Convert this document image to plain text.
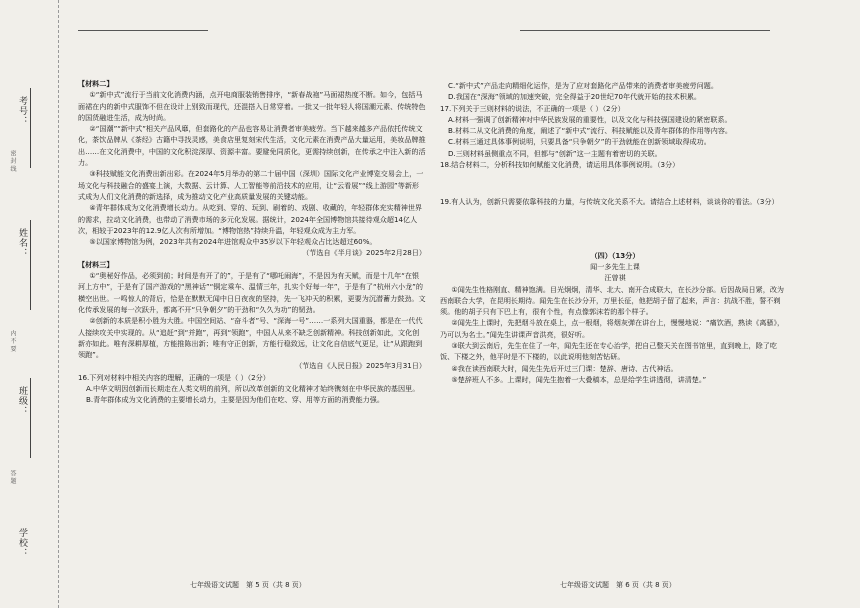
考号：
姓名：
班级：
学校：
密 封 线
内 不 要
答 题

【材料二】

①“新中式”流行于当前文化消费内涵，点开电商服装销售排序，“新春战袍”马面裙热度不断。如今，包括马面裙在内的新中式服饰不但在设计上别致而现代，还混搭入日常穿着。一批又一批年轻人将国潮元素、传统特色的国货融进生活，成为时尚。

②“国潮”“新中式”相关产品风靡，但套路化的产品也容易让消费者审美疲劳。当下越来越多产品依托传统文化，茶饮品牌从《茶经》古籍中寻找灵感，美食店里复刻宋代生活，文化元素在消费产品大量运用，美妆品牌推出……在文化消费中，中国的文化积淀深厚、资源丰富。要避免同质化，更需持续创新，在传承之中注入新的活力。

③科技赋能文化消费出新出彩。在2024年5月举办的第二十届中国（深圳）国际文化产业博览交易会上，一场文化与科技融合的盛宴上演，大数据、云计算、人工智能等前沿技术的应用，让“云看展”“线上游园”等新形式成为人们文化消费的新选择，成为推动文化产业高质量发展的关键动能。

④青年群体成为文化消费增长动力。从吃到、穿的、玩到、刷着的、戏剧、收藏的，年轻群体充实精神世界的需求，拉动文化消费，也带动了消费市场的多元化发展。据统计，2024年全国博物馆共接待观众超14亿人次，相较于2023年的12.9亿人次有所增加。“博物馆热”持续升温，年轻观众成为主力军。

⑤以国家博物馆为例，2023年共有2024年进馆观众中35岁以下年轻观众占比达超过60%。

（节选自《半月谈》2025年2月28日）

【材料三】

①“奥秘好作品，必须到前；时间是有开了的”，于是有了“哪吒闹海”，不是因为有天赋，而是十几年“在银河上方中”，于是有了国产游戏的“黑神话”“铜定乘车、温情三年，扎实个好每一年”，于是有了“杭州六小龙”的横空出世。一鸣惊人的背后，恰是在默默无闻中日日夜夜的坚持，先一飞冲天的积累，更要为沉潜蓄力鼓劲。文化传承发展的每一次跃升，都离不开“只争朝夕”的干劲和“久久为功”的韧劲。

②创新的本质是积小胜为大胜。中国空间站、“奋斗者”号、“深海一号”……一系列大国重器，都是在一代代人接续攻关中实现的。从“追赶”到“并跑”，再到“领跑”，中国人从来不缺乏创新精神。科技创新如此，文化创新亦如此。唯有深耕厚植，方能推陈出新；唯有守正创新，方能行稳致远，让文化自信底气更足，让“从跟跑到领跑”。

（节选自《人民日报》2025年3月31日）

16.下列对材料中相关内容的理解，正确的一项是（ ）（2分）

A.中华文明因创新而长期走在人类文明的前列，所以改革创新的文化精神才始终镌刻在中华民族的基因里。

B.青年群体成为文化消费的主要增长动力，主要是因为他们在吃、穿、用等方面的消费能力强。

七年级语文试题　第 5 页（共 8 页）

C.“新中式”产品走向精细化运作，是为了应对套路化产品带来的消费者审美疲劳问题。

D.我国在“深海”领域的加速突破，完全得益于20世纪70年代就开始的技术积累。

17.下列关于三则材料的说法，不正确的一项是（ ）（2分）

A.材料一强调了创新精神对中华民族发展的重要性，以及文化与科技强国建设的紧密联系。

B.材料二从文化消费的角度，阐述了“新中式”流行、科技赋能以及青年群体的作用等内容。

C.材料三通过具体事例说明，只要具备“只争朝夕”的干劲就能在创新领域取得成功。

D.三则材料虽侧重点不同，但都与“创新”这一主题有着密切的关联。

18.结合材料二，分析科技如何赋能文化消费，请运用具体事例说明。（3分）

19.有人认为，创新只需要依靠科技的力量，与传统文化关系不大。请结合上述材料，谈谈你的看法。（3分）

（四）（13分）

闻一多先生上课

汪曾祺

①闻先生性格刚直、精神饱满。目光炯炯，清华、北大、南开合成联大，在长沙分部。后因战局日紧，改为西南联合大学，在昆明长期待。闻先生在长沙分开，万里长征，他把胡子留了起来，声言：抗战不胜，誓不剃须。他的胡子只有下巴上有，很有个性，有点像郭沫若的那个样子。

②闻先生上课时，先把烟斗放在桌上，点一根烟，将烟灰弹在讲台上，慢慢地说：“痛饮酒，熟读《离骚》，乃可以为名士。”闻先生讲课声音洪亮，很好听。

③联大到云南后，先生在住了一年，闻先生还在专心治学，把自己整天关在图书馆里，直到晚上，除了吃饭、下楼之外，他平时是不下楼的，以此说明他刻苦钻研。

④我在读西南联大时，闻先生先后开过三门课：楚辞、唐诗、古代神话。

⑤楚辞班人不多。上课时，闻先生抱着一大叠稿本，总是给学生讲透彻，讲清楚。”

七年级语文试题　第 6 页（共 8 页）
